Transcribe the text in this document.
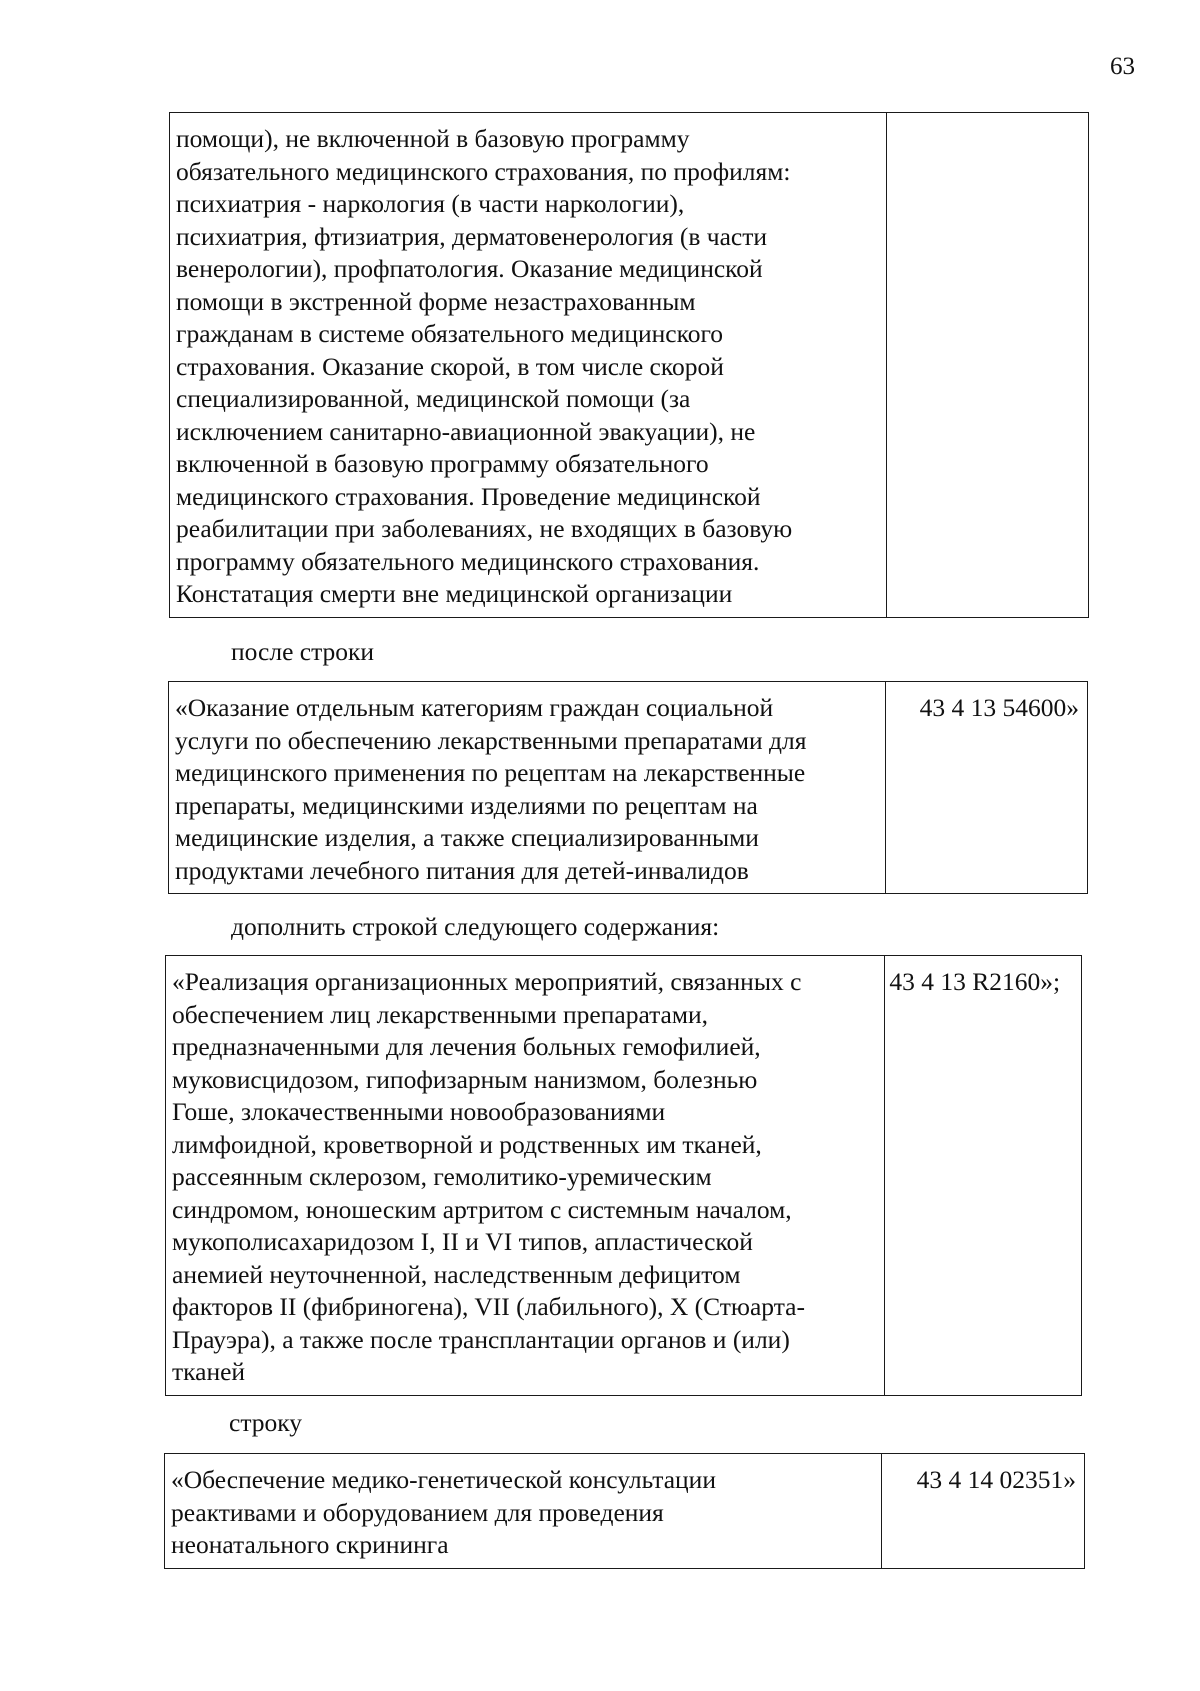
63
помощи), не включенной в базовую программу
обязательного медицинского страхования, по профилям:
психиатрия - наркология (в части наркологии),
психиатрия, фтизиатрия, дерматовенерология (в части
венерологии), профпатология. Оказание медицинской
помощи в экстренной форме незастрахованным
гражданам в системе обязательного медицинского
страхования. Оказание скорой, в том числе скорой
специализированной, медицинской помощи (за
исключением санитарно-авиационной эвакуации), не
включенной в базовую программу обязательного
медицинского страхования. Проведение медицинской
реабилитации при заболеваниях, не входящих в базовую
программу обязательного медицинского страхования.
Констатация смерти вне медицинской организации	
после строки
«Оказание отдельным категориям граждан социальной
услуги по обеспечению лекарственными препаратами для
медицинского применения по рецептам на лекарственные
препараты, медицинскими изделиями по рецептам на
медицинские изделия, а также специализированными
продуктами лечебного питания для детей-инвалидов	43 4 13 54600»
дополнить строкой следующего содержания:
«Реализация организационных мероприятий, связанных с
обеспечением лиц лекарственными препаратами,
предназначенными для лечения больных гемофилией,
муковисцидозом, гипофизарным нанизмом, болезнью
Гоше, злокачественными новообразованиями
лимфоидной, кроветворной и родственных им тканей,
рассеянным склерозом, гемолитико-уремическим
синдромом, юношеским артритом с системным началом,
мукополисахаридозом I, II и VI типов, апластической
анемией неуточненной, наследственным дефицитом
факторов II (фибриногена), VII (лабильного), X (Стюарта-
Прауэра), а также после трансплантации органов и (или)
тканей	43 4 13 R2160»;
строку
«Обеспечение медико-генетической консультации
реактивами и оборудованием для проведения
неонатального скрининга	43 4 14 02351»
